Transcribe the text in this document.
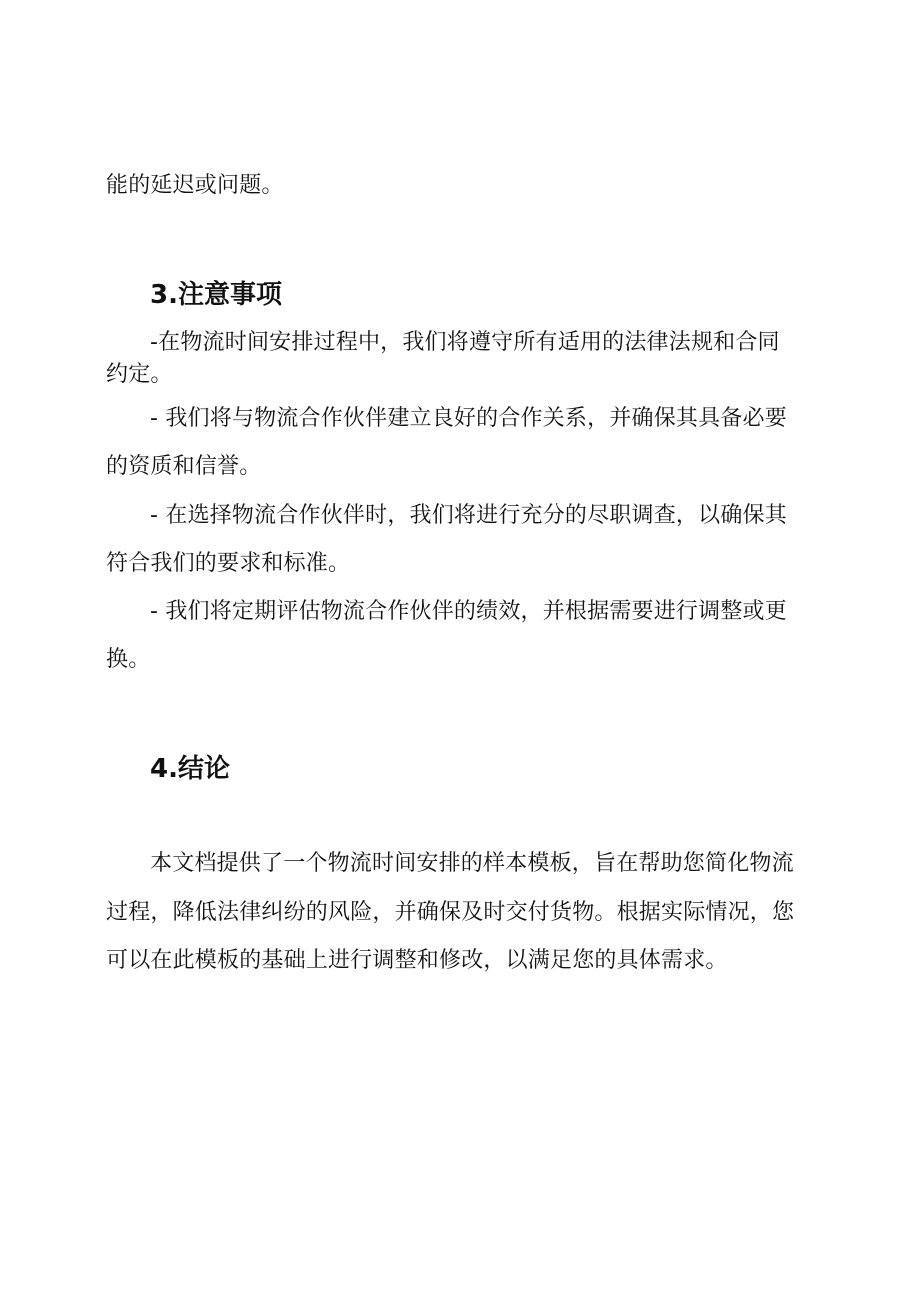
能的延迟或问题。
3.注意事项
-在物流时间安排过程中，我们将遵守所有适用的法律法规和合同
约定。
- 我们将与物流合作伙伴建立良好的合作关系，并确保其具备必要
的资质和信誉。
- 在选择物流合作伙伴时，我们将进行充分的尽职调查，以确保其
符合我们的要求和标准。
- 我们将定期评估物流合作伙伴的绩效，并根据需要进行调整或更
换。
4.结论
本文档提供了一个物流时间安排的样本模板，旨在帮助您简化物流
过程，降低法律纠纷的风险，并确保及时交付货物。根据实际情况，您
可以在此模板的基础上进行调整和修改，以满足您的具体需求。
